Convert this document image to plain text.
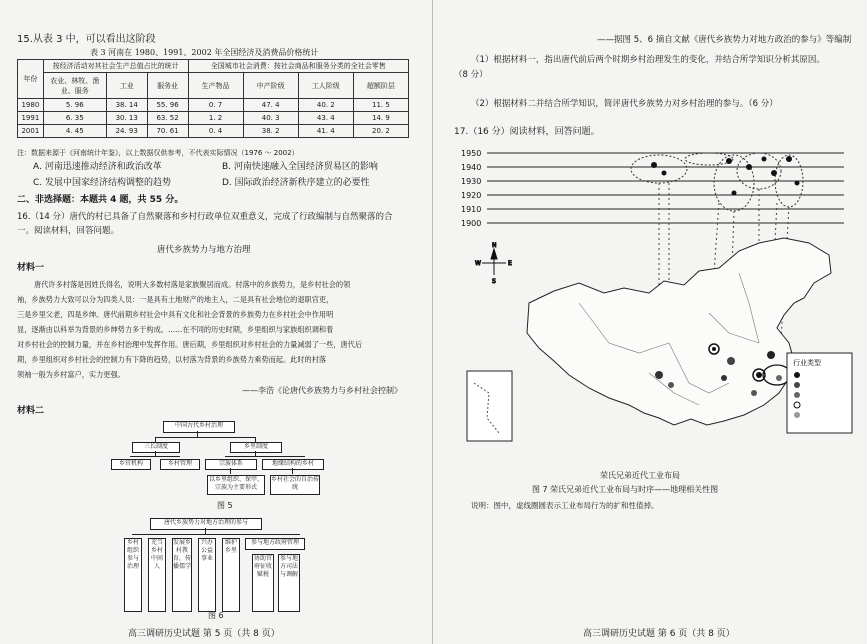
15.从表 3 中，可以看出这阶段
表 3 河南在 1980、1991、2002 年全国经济及消费品价格统计
年份	按经济活动对其社会生产总值占比的统计			全国城市社会消费：按社会商品和服务分类的全社会零售			
	农业、林牧、渔业、服务	工业	服务业	生产物品	中产阶级	工人阶级	超额阶层
1980	5. 96	38. 14	55. 96	0. 7	47. 4	40. 2	11. 5
1991	6. 35	30. 13	63. 52	1. 2	40. 3	43. 4	14. 9
2001	4. 45	24. 93	70. 61	0. 4	38. 2	41. 4	20. 2
注：数据来源于《河南统计年鉴》，以上数据仅供参考，不代表实际情况（1976 ～ 2002）
A. 河南迅速推动经济和政治改革	B. 河南快速融入全国经济贸易区的影响
C. 发展中国家经济结构调整的趋势	D. 国际政治经济新秩序建立的必要性
二、非选择题：本题共 4 题，共 55 分。
16.（14 分）唐代的村已具备了自然聚落和乡村行政单位双重意义，完成了行政编制与自然聚落的合
一。阅读材料，回答问题。
唐代乡族势力与地方治理
材料一
唐代许多村落是因姓氏得名，说明大多数村落是家族聚居而成。村落中的乡族势力，是乡村社会的领
袖，乡族势力大致可以分为四类人员：一是具有土地财产的地主人，二是具有社会地位的退职官吏，
三是乡里父老，四是乡绅。唐代前期乡村社会中具有文化和社会背景的乡族势力在乡村社会中作用明
显，逐渐由以科举为背景的乡绅势力多于构成。……在不同的历史时期，乡里组织与家族组织调和着
对乡村社会的控制力量，并在乡村治理中发挥作用。唐后期，乡里组织对乡村社会的力量减弱了一些，唐代后
期，乡里组织对乡村社会的控制力有下降的趋势，以村落为背景的乡族势力乘势而起。此时的村落
领袖一般为乡村富户，实力更强。
——李浩《论唐代乡族势力与乡村社会控制》
材料二
中国古代乡村治理
三长制度	乡里制度
乡官机构	乡村管理	宗族体系	地缘结构的乡村
以乡里组织、保甲、宗族为主要形式
乡村社会的自治传统
图 5
唐代乡族势力对地方治理的参与
乡村组织参与治理
充当乡村中间人
发展乡村教育，传播儒学
兴办公益事业
维护乡里
参与地方政府管理
协助官府征收赋税
参与地方司法与调解
图 6
高三调研历史试题 第 5 页（共 8 页）
——据图 5、6 摘自文献《唐代乡族势力对地方政治的参与》等编制
（1）根据材料一，指出唐代前后两个时期乡村治理发生的变化，并结合所学知识分析其原因。
（8 分）
（2）根据材料二并结合所学知识，简评唐代乡族势力对乡村治理的参与。（6 分）
17.（16 分）阅读材料，回答问题。
1950
1940
1930
1920
1910
1900
N
W	E
S
行业类型
荣氏兄弟近代工业布局
图 7 荣氏兄弟近代工业布局与时序——地理相关性图
说明：图中，虚线圈圆表示工业布局行为的扩和性值掉。
高三调研历史试题 第 6 页（共 8 页）
